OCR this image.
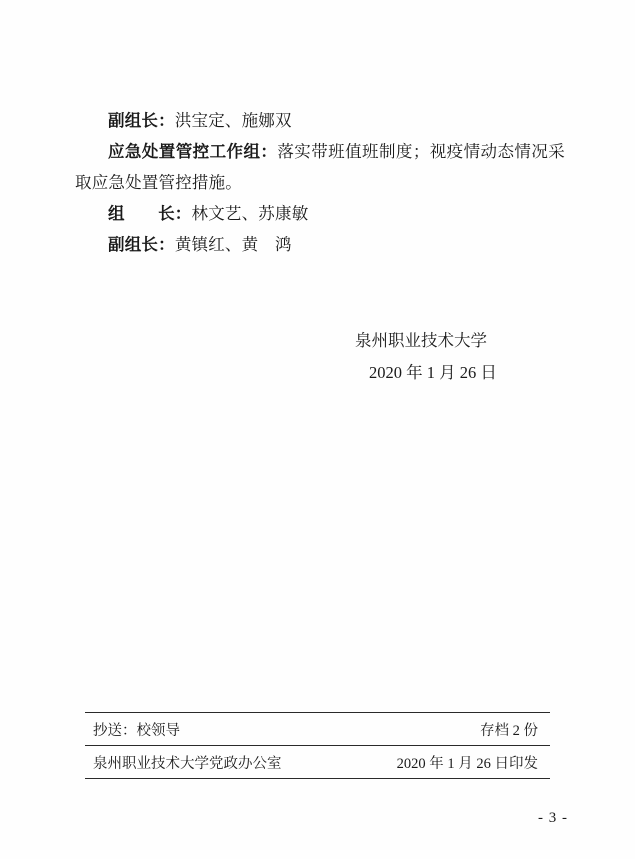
副组长：洪宝定、施娜双

应急处置管控工作组：落实带班值班制度；视疫情动态情况采取应急处置管控措施。

组　　长：林文艺、苏康敏

副组长：黄镇红、黄　鸿

泉州职业技术大学
2020 年 1 月 26 日
抄送：校领导	存档 2 份
泉州职业技术大学党政办公室	2020 年 1 月 26 日印发
- 3 -
